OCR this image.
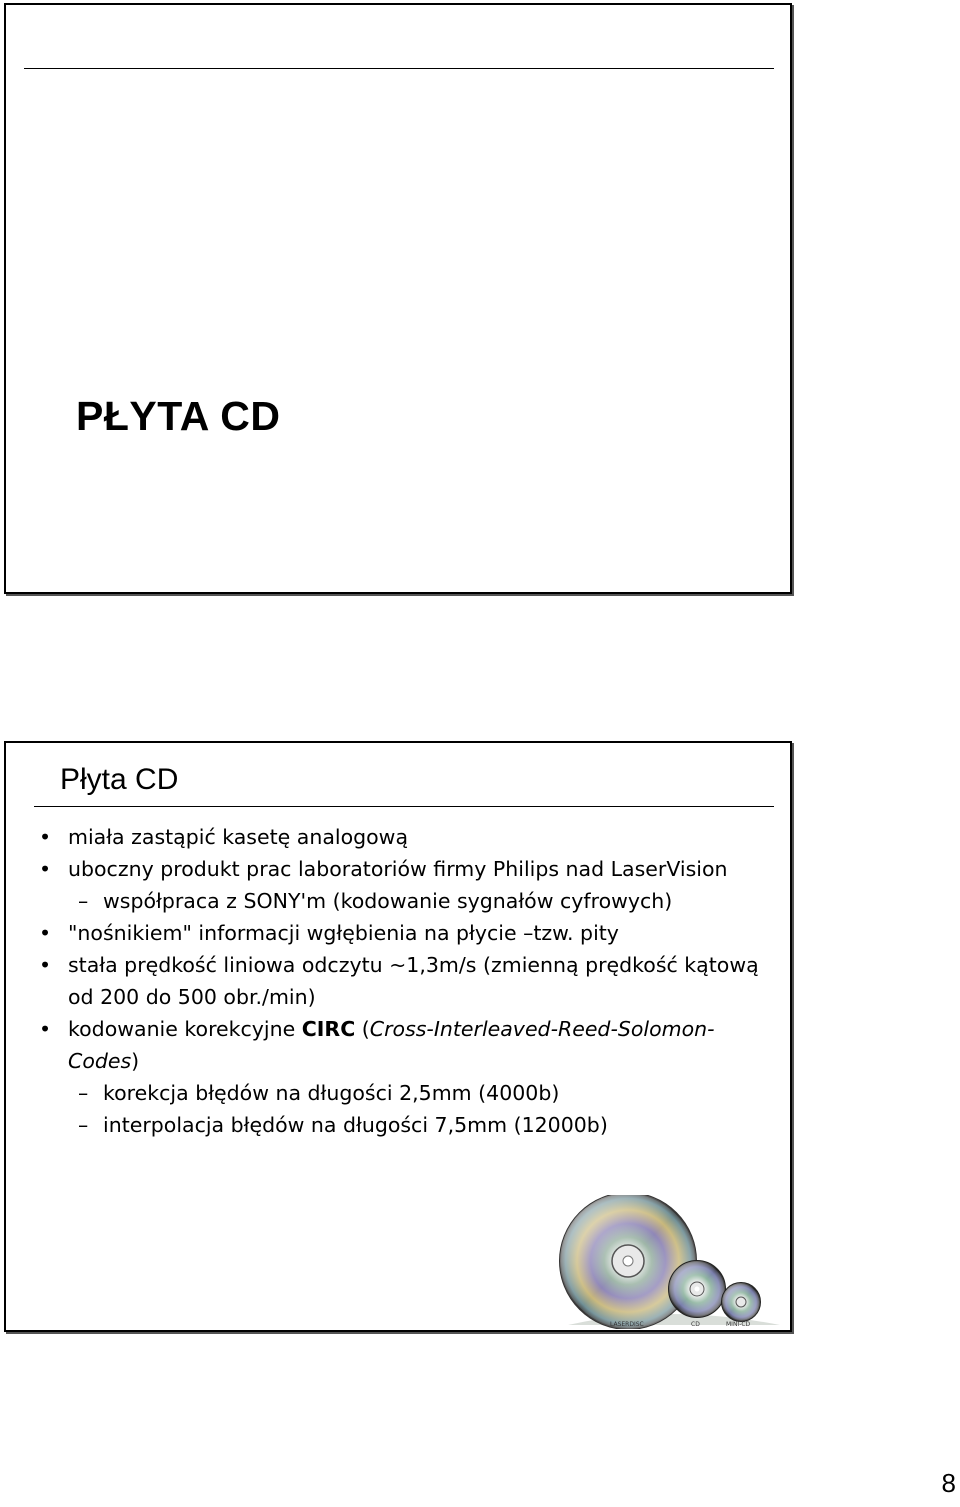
PŁYTA CD
Płyta CD
• miała zastąpić kasetę analogową
• uboczny produkt prac laboratoriów firmy Philips nad LaserVision
– współpraca z SONY'm (kodowanie sygnałów cyfrowych)
• "nośnikiem" informacji wgłębienia na płycie –tzw. pity
• stała prędkość liniowa odczytu ~1,3m/s (zmienną prędkość kątową od 200 do 500 obr./min)
• kodowanie korekcyjne CIRC (Cross-Interleaved-Reed-Solomon-Codes)
– korekcja błędów na długości 2,5mm (4000b)
– interpolacja błędów na długości 7,5mm (12000b)
LASERDISC	CD	MINI-CD
8
